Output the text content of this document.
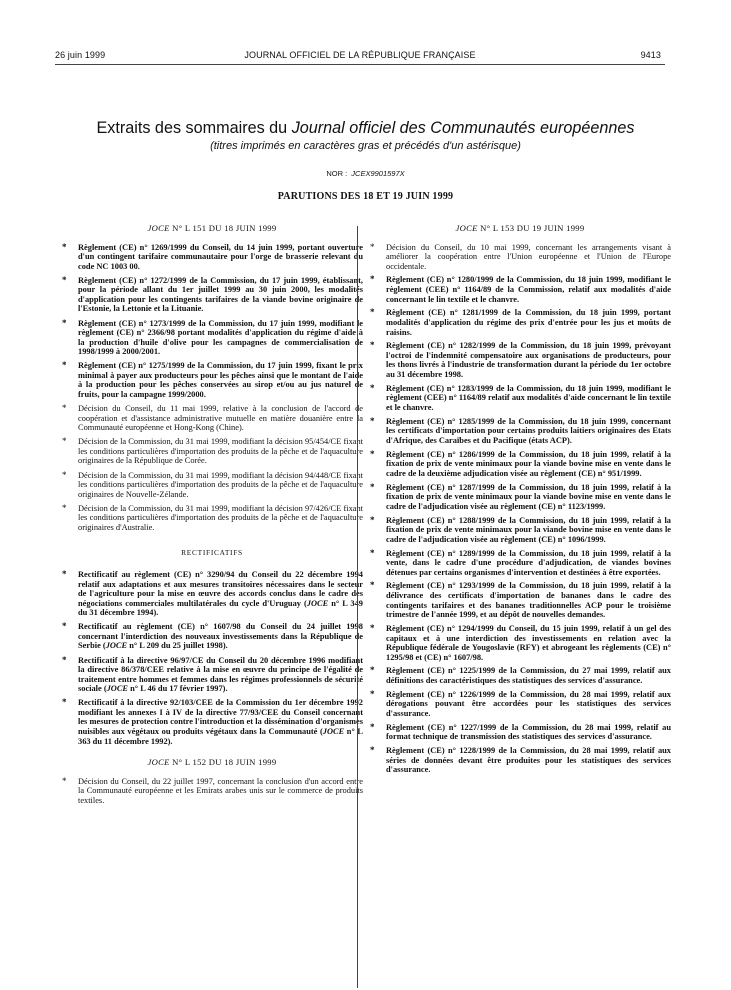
26 juin 1999	JOURNAL OFFICIEL DE LA RÉPUBLIQUE FRANÇAISE	9413
Extraits des sommaires du Journal officiel des Communautés européennes
(titres imprimés en caractères gras et précédés d'un astérisque)
NOR : JCEX9901597X
PARUTIONS DES 18 ET 19 JUIN 1999
JOCE N° L 151 DU 18 JUIN 1999
* Règlement (CE) n° 1269/1999 du Conseil, du 14 juin 1999, portant ouverture d'un contingent tarifaire communautaire pour l'orge de brasserie relevant du code NC 1003 00.
* Règlement (CE) n° 1272/1999 de la Commission, du 17 juin 1999, établissant, pour la période allant du 1er juillet 1999 au 30 juin 2000, les modalités d'application pour les contingents tarifaires de la viande bovine originaire de l'Estonie, la Lettonie et la Lituanie.
* Règlement (CE) n° 1273/1999 de la Commission, du 17 juin 1999, modifiant le règlement (CE) n° 2366/98 portant modalités d'application du régime d'aide à la production d'huile d'olive pour les campagnes de commercialisation de 1998/1999 à 2000/2001.
* Règlement (CE) n° 1275/1999 de la Commission, du 17 juin 1999, fixant le prix minimal à payer aux producteurs pour les pêches ainsi que le montant de l'aide à la production pour les pêches conservées au sirop et/ou au jus naturel de fruits, pour la campagne 1999/2000.
* Décision du Conseil, du 11 mai 1999, relative à la conclusion de l'accord de coopération et d'assistance administrative mutuelle en matière douanière entre la Communauté européenne et Hong-Kong (Chine).
* Décision de la Commission, du 31 mai 1999, modifiant la décision 95/454/CE fixant les conditions particulières d'importation des produits de la pêche et de l'aquaculture originaires de la République de Corée.
* Décision de la Commission, du 31 mai 1999, modifiant la décision 94/448/CE fixant les conditions particulières d'importation des produits de la pêche et de l'aquaculture originaires de Nouvelle-Zélande.
* Décision de la Commission, du 31 mai 1999, modifiant la décision 97/426/CE fixant les conditions particulières d'importation des produits de la pêche et de l'aquaculture originaires d'Australie.
RECTIFICATIFS
* Rectificatif au règlement (CE) n° 3290/94 du Conseil du 22 décembre 1994 relatif aux adaptations et aux mesures transitoires nécessaires dans le secteur de l'agriculture pour la mise en œuvre des accords conclus dans le cadre des négociations commerciales multilatérales du cycle d'Uruguay (JOCE n° L 349 du 31 décembre 1994).
* Rectificatif au règlement (CE) n° 1607/98 du Conseil du 24 juillet 1998 concernant l'interdiction des nouveaux investissements dans la République de Serbie (JOCE n° L 209 du 25 juillet 1998).
* Rectificatif à la directive 96/97/CE du Conseil du 20 décembre 1996 modifiant la directive 86/378/CEE relative à la mise en œuvre du principe de l'égalité de traitement entre hommes et femmes dans les régimes professionnels de sécurité sociale (JOCE n° L 46 du 17 février 1997).
* Rectificatif à la directive 92/103/CEE de la Commission du 1er décembre 1992 modifiant les annexes I à IV de la directive 77/93/CEE du Conseil concernant les mesures de protection contre l'introduction et la dissémination d'organismes nuisibles aux végétaux ou produits végétaux dans la Communauté (JOCE n° L 363 du 11 décembre 1992).
JOCE N° L 152 DU 18 JUIN 1999
* Décision du Conseil, du 22 juillet 1997, concernant la conclusion d'un accord entre la Communauté européenne et les Emirats arabes unis sur le commerce de produits textiles.
JOCE N° L 153 DU 19 JUIN 1999
* Décision du Conseil, du 10 mai 1999, concernant les arrangements visant à améliorer la coopération entre l'Union européenne et l'Union de l'Europe occidentale.
* Règlement (CE) n° 1280/1999 de la Commission, du 18 juin 1999, modifiant le règlement (CEE) n° 1164/89 de la Commission, relatif aux modalités d'aide concernant le lin textile et le chanvre.
* Règlement (CE) n° 1281/1999 de la Commission, du 18 juin 1999, portant modalités d'application du régime des prix d'entrée pour les jus et moûts de raisins.
* Règlement (CE) n° 1282/1999 de la Commission, du 18 juin 1999, prévoyant l'octroi de l'indemnité compensatoire aux organisations de producteurs, pour les thons livrés à l'industrie de transformation durant la période du 1er octobre au 31 décembre 1998.
* Règlement (CE) n° 1283/1999 de la Commission, du 18 juin 1999, modifiant le règlement (CEE) n° 1164/89 relatif aux modalités d'aide concernant le lin textile et le chanvre.
* Règlement (CE) n° 1285/1999 de la Commission, du 18 juin 1999, concernant les certificats d'importation pour certains produits laitiers originaires des Etats d'Afrique, des Caraïbes et du Pacifique (états ACP).
* Règlement (CE) n° 1286/1999 de la Commission, du 18 juin 1999, relatif à la fixation de prix de vente minimaux pour la viande bovine mise en vente dans le cadre de la deuxième adjudication visée au règlement (CE) n° 951/1999.
* Règlement (CE) n° 1287/1999 de la Commission, du 18 juin 1999, relatif à la fixation de prix de vente minimaux pour la viande bovine mise en vente dans le cadre de l'adjudication visée au règlement (CE) n° 1123/1999.
* Règlement (CE) n° 1288/1999 de la Commission, du 18 juin 1999, relatif à la fixation de prix de vente minimaux pour la viande bovine mise en vente dans le cadre de l'adjudication visée au règlement (CE) n° 1096/1999.
* Règlement (CE) n° 1289/1999 de la Commission, du 18 juin 1999, relatif à la vente, dans le cadre d'une procédure d'adjudication, de viandes bovines détenues par certains organismes d'intervention et destinées à être exportées.
* Règlement (CE) n° 1293/1999 de la Commission, du 18 juin 1999, relatif à la délivrance des certificats d'importation de bananes dans le cadre des contingents tarifaires et des bananes traditionnelles ACP pour le troisième trimestre de l'année 1999, et au dépôt de nouvelles demandes.
* Règlement (CE) n° 1294/1999 du Conseil, du 15 juin 1999, relatif à un gel des capitaux et à une interdiction des investissements en relation avec la République fédérale de Yougoslavie (RFY) et abrogeant les règlements (CE) n° 1295/98 et (CE) n° 1607/98.
* Règlement (CE) n° 1225/1999 de la Commission, du 27 mai 1999, relatif aux définitions des caractéristiques des statistiques des services d'assurance.
* Règlement (CE) n° 1226/1999 de la Commission, du 28 mai 1999, relatif aux dérogations pouvant être accordées pour les statistiques des services d'assurance.
* Règlement (CE) n° 1227/1999 de la Commission, du 28 mai 1999, relatif au format technique de transmission des statistiques des services d'assurance.
* Règlement (CE) n° 1228/1999 de la Commission, du 28 mai 1999, relatif aux séries de données devant être produites pour les statistiques des services d'assurance.
